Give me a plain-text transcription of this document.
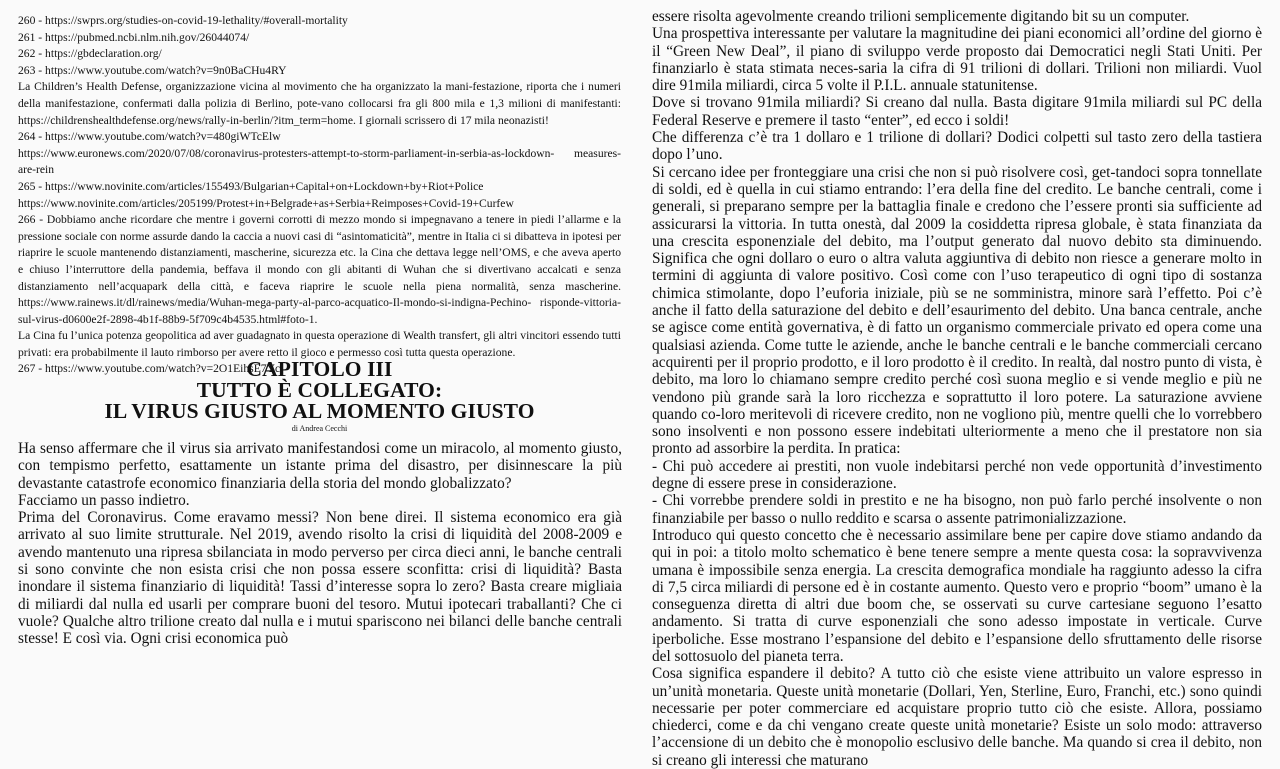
260 - https://swprs.org/studies-on-covid-19-lethality/#overall-mortality

261 - https://pubmed.ncbi.nlm.nih.gov/26044074/

262 - https://gbdeclaration.org/

263 - https://www.youtube.com/watch?v=9n0BaCHu4RY

La Children’s Health Defense, organizzazione vicina al movimento che ha organizzato la mani-festazione, riporta che i numeri della manifestazione, confermati dalla polizia di Berlino, pote-vano collocarsi fra gli 800 mila e 1,3 milioni di manifestanti: https://childrenshealthdefense.org/news/rally-in-berlin/?itm_term=home. I giornali scrissero di 17 mila neonazisti!

264 - https://www.youtube.com/watch?v=480giWTcElw

https://www.euronews.com/2020/07/08/coronavirus-protesters-attempt-to-storm-parliament-in-serbia-as-lockdown- measures-are-rein

265 - https://www.novinite.com/articles/155493/Bulgarian+Capital+on+Lockdown+by+Riot+Police

https://www.novinite.com/articles/205199/Protest+in+Belgrade+as+Serbia+Reimposes+Covid-19+Curfew

266 - Dobbiamo anche ricordare che mentre i governi corrotti di mezzo mondo si impegnavano a tenere in piedi l’allarme e la pressione sociale con norme assurde dando la caccia a nuovi casi di “asintomaticità”, mentre in Italia ci si dibatteva in ipotesi per riaprire le scuole mantenendo distanziamenti, mascherine, sicurezza etc. la Cina che dettava legge nell’OMS, e che aveva aperto e chiuso l’interruttore della pandemia, beffava il mondo con gli abitanti di Wuhan che si divertivano accalcati e senza distanziamento nell’acquapark della città, e faceva riaprire le scuole nella piena normalità, senza mascherine. https://www.rainews.it/dl/rainews/media/Wuhan-mega-party-al-parco-acquatico-Il-mondo-si-indigna-Pechino- risponde-vittoria-sul-virus-d0600e2f-2898-4b1f-88b9-5f709c4b4535.html#foto-1.

La Cina fu l’unica potenza geopolitica ad aver guadagnato in questa operazione di Wealth transfert, gli altri vincitori essendo tutti privati: era probabilmente il lauto rimborso per avere retto il gioco e permesso così tutta questa operazione.

267 - https://www.youtube.com/watch?v=2O1EihsE7Yc

CAPITOLO III

TUTTO È COLLEGATO:

IL VIRUS GIUSTO AL MOMENTO GIUSTO

di Andrea Cecchi

Ha senso affermare che il virus sia arrivato manifestandosi come un miracolo, al momento giusto, con tempismo perfetto, esattamente un istante prima del disastro, per disinnescare la più devastante catastrofe economico finanziaria della storia del mondo globalizzato?

Facciamo un passo indietro.

Prima del Coronavirus. Come eravamo messi? Non bene direi. Il sistema economico era già arrivato al suo limite strutturale. Nel 2019, avendo risolto la crisi di liquidità del 2008-2009 e avendo mantenuto una ripresa sbilanciata in modo perverso per circa dieci anni, le banche centrali si sono convinte che non esista crisi che non possa essere sconfitta: crisi di liquidità? Basta inondare il sistema finanziario di liquidità! Tassi d’interesse sopra lo zero? Basta creare migliaia di miliardi dal nulla ed usarli per comprare buoni del tesoro. Mutui ipotecari traballanti? Che ci vuole? Qualche altro trilione creato dal nulla e i mutui spariscono nei bilanci delle banche centrali stesse! E così via. Ogni crisi economica può

essere risolta agevolmente creando trilioni semplicemente digitando bit su un computer.

Una prospettiva interessante per valutare la magnitudine dei piani economici all’ordine del giorno è il “Green New Deal”, il piano di sviluppo verde proposto dai Democratici negli Stati Uniti. Per finanziarlo è stata stimata neces-saria la cifra di 91 trilioni di dollari. Trilioni non miliardi. Vuol dire 91mila miliardi, circa 5 volte il P.I.L. annuale statunitense.

Dove si trovano 91mila miliardi? Si creano dal nulla. Basta digitare 91mila miliardi sul PC della Federal Reserve e premere il tasto “enter”, ed ecco i soldi!

Che differenza c’è tra 1 dollaro e 1 trilione di dollari? Dodici colpetti sul tasto zero della tastiera dopo l’uno.

Si cercano idee per fronteggiare una crisi che non si può risolvere così, get-tandoci sopra tonnellate di soldi, ed è quella in cui stiamo entrando: l’era della fine del credito. Le banche centrali, come i generali, si preparano sempre per la battaglia finale e credono che l’essere pronti sia sufficiente ad assicurarsi la vittoria. In tutta onestà, dal 2009 la cosiddetta ripresa globale, è stata finanziata da una crescita esponenziale del debito, ma l’output generato dal nuovo debito sta diminuendo. Significa che ogni dollaro o euro o altra valuta aggiuntiva di debito non riesce a generare molto in termini di aggiunta di valore positivo. Così come con l’uso terapeutico di ogni tipo di sostanza chimica stimolante, dopo l’euforia iniziale, più se ne somministra, minore sarà l’effetto. Poi c’è anche il fatto della saturazione del debito e dell’esaurimento del debito. Una banca centrale, anche se agisce come entità governativa, è di fatto un organismo commerciale privato ed opera come una qualsiasi azienda. Come tutte le aziende, anche le banche centrali e le banche commerciali cercano acquirenti per il proprio prodotto, e il loro prodotto è il credito. In realtà, dal nostro punto di vista, è debito, ma loro lo chiamano sempre credito perché così suona meglio e si vende meglio e più ne vendono più grande sarà la loro ricchezza e soprattutto il loro potere. La saturazione avviene quando co-loro meritevoli di ricevere credito, non ne vogliono più, mentre quelli che lo vorrebbero sono insolventi e non possono essere indebitati ulteriormente a meno che il prestatore non sia pronto ad assorbire la perdita. In pratica:

- Chi può accedere ai prestiti, non vuole indebitarsi perché non vede opportunità d’investimento degne di essere prese in considerazione.

- Chi vorrebbe prendere soldi in prestito e ne ha bisogno, non può farlo perché insolvente o non finanziabile per basso o nullo reddito e scarsa o assente patrimonializzazione.

Introduco qui questo concetto che è necessario assimilare bene per capire dove stiamo andando da qui in poi: a titolo molto schematico è bene tenere sempre a mente questa cosa: la sopravvivenza umana è impossibile senza energia. La crescita demografica mondiale ha raggiunto adesso la cifra di 7,5 circa miliardi di persone ed è in costante aumento. Questo vero e proprio “boom” umano è la conseguenza diretta di altri due boom che, se osservati su curve cartesiane seguono l’esatto andamento. Si tratta di curve esponenziali che sono adesso impostate in verticale. Curve iperboliche. Esse mostrano l’espansione del debito e l’espansione dello sfruttamento delle risorse del sottosuolo del pianeta terra.

Cosa significa espandere il debito? A tutto ciò che esiste viene attribuito un valore espresso in un’unità monetaria. Queste unità monetarie (Dollari, Yen, Sterline, Euro, Franchi, etc.) sono quindi necessarie per poter commerciare ed acquistare proprio tutto ciò che esiste. Allora, possiamo chiederci, come e da chi vengano create queste unità monetarie? Esiste un solo modo: attraverso l’accensione di un debito che è monopolio esclusivo delle banche. Ma quando si crea il debito, non si creano gli interessi che maturano
